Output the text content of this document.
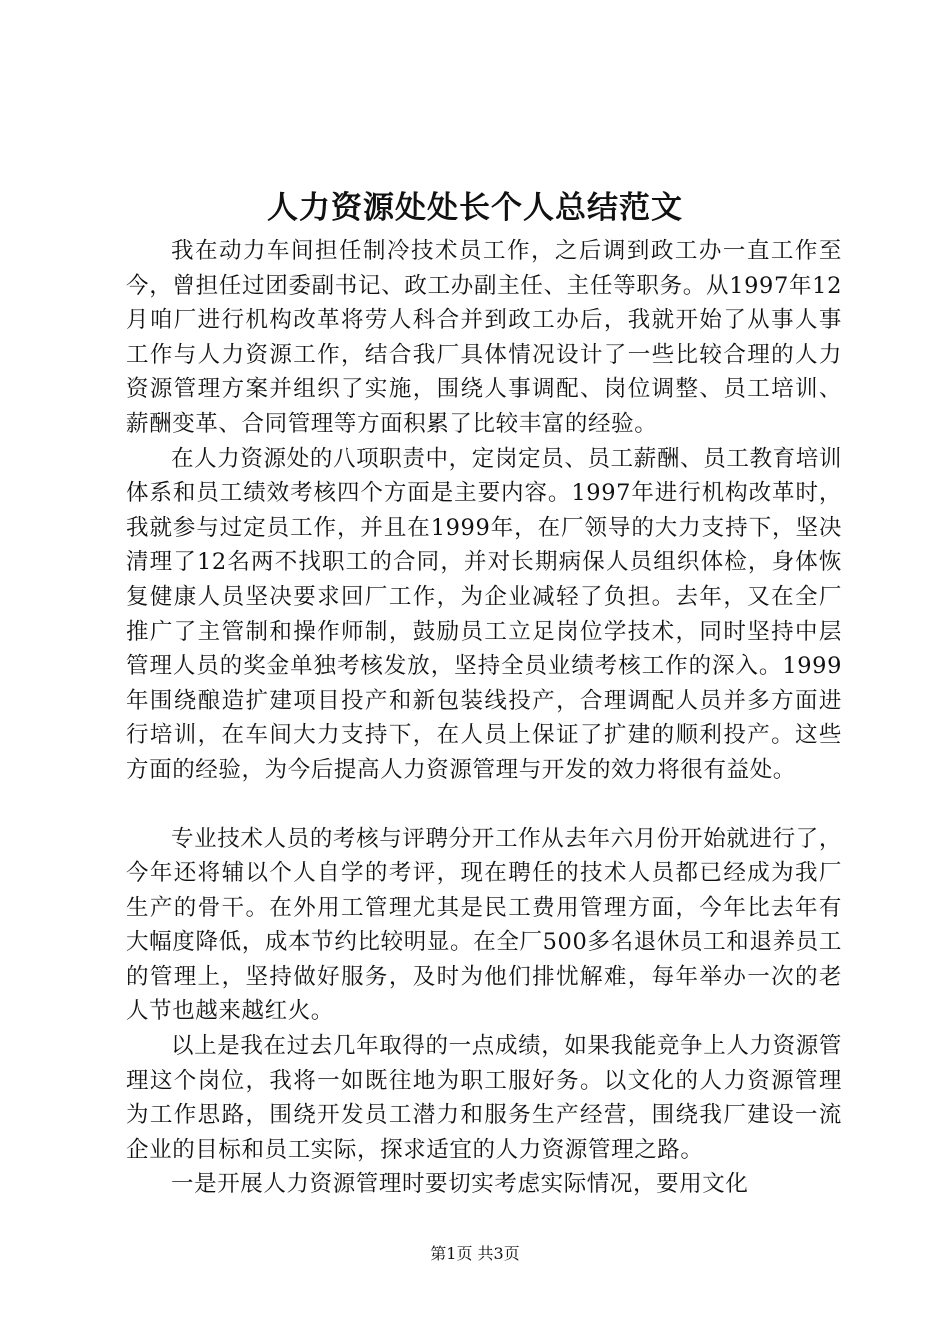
人力资源处处长个人总结范文

我在动力车间担任制冷技术员工作，之后调到政工办一直工作至今，曾担任过团委副书记、政工办副主任、主任等职务。从1997年12月咱厂进行机构改革将劳人科合并到政工办后，我就开始了从事人事工作与人力资源工作，结合我厂具体情况设计了一些比较合理的人力资源管理方案并组织了实施，围绕人事调配、岗位调整、员工培训、薪酬变革、合同管理等方面积累了比较丰富的经验。

在人力资源处的八项职责中，定岗定员、员工薪酬、员工教育培训体系和员工绩效考核四个方面是主要内容。1997年进行机构改革时，我就参与过定员工作，并且在1999年，在厂领导的大力支持下，坚决清理了12名两不找职工的合同，并对长期病保人员组织体检，身体恢复健康人员坚决要求回厂工作，为企业减轻了负担。去年，又在全厂推广了主管制和操作师制，鼓励员工立足岗位学技术，同时坚持中层管理人员的奖金单独考核发放，坚持全员业绩考核工作的深入。1999年围绕酿造扩建项目投产和新包装线投产，合理调配人员并多方面进行培训，在车间大力支持下，在人员上保证了扩建的顺利投产。这些方面的经验，为今后提高人力资源管理与开发的效力将很有益处。

专业技术人员的考核与评聘分开工作从去年六月份开始就进行了，今年还将辅以个人自学的考评，现在聘任的技术人员都已经成为我厂生产的骨干。在外用工管理尤其是民工费用管理方面，今年比去年有大幅度降低，成本节约比较明显。在全厂500多名退休员工和退养员工的管理上，坚持做好服务，及时为他们排忧解难，每年举办一次的老人节也越来越红火。

以上是我在过去几年取得的一点成绩，如果我能竞争上人力资源管理这个岗位，我将一如既往地为职工服好务。以文化的人力资源管理为工作思路，围绕开发员工潜力和服务生产经营，围绕我厂建设一流企业的目标和员工实际，探求适宜的人力资源管理之路。

一是开展人力资源管理时要切实考虑实际情况，要用文化

第1页 共3页
